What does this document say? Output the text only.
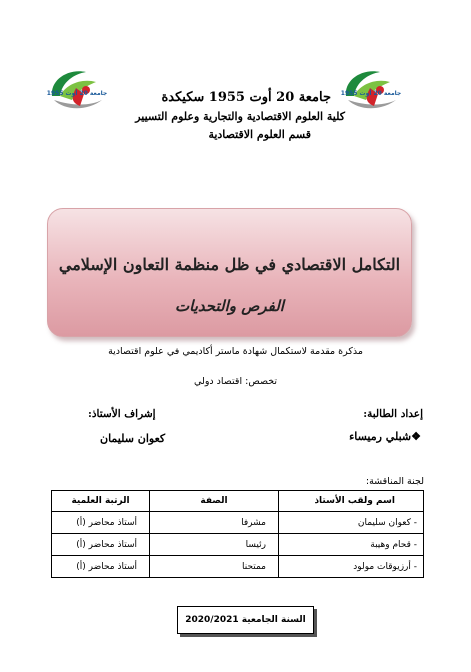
جامعة 20 أوت 1955	جامعة 20 أوت 1955
جامعة 20 أوت 1955 سكيكدة
كلية العلوم الاقتصادية والتجارية وعلوم التسيير
قسم العلوم الاقتصادية
التكامل الاقتصادي في ظل منظمة التعاون الإسلامي
الفرص والتحديات
مذكرة مقدمة لاستكمال شهادة ماستر أكاديمي في علوم اقتصادية
تخصص: اقتصاد دولي
إعداد الطالبة:
إشراف الأستاذ:
❖شبلي رميساء
كعوان سليمان
لجنة المناقشة:
اسم ولقب الأستاذ	الصفة	الرتبة العلمية
- كعوان سليمان	مشرفا	أستاذ محاضر (أ)
- قحام وهيبة	رئيسا	أستاذ محاضر (أ)
- أرزيوقات مولود	ممتحنا	أستاذ محاضر (أ)
السنة الجامعية 2020/2021
